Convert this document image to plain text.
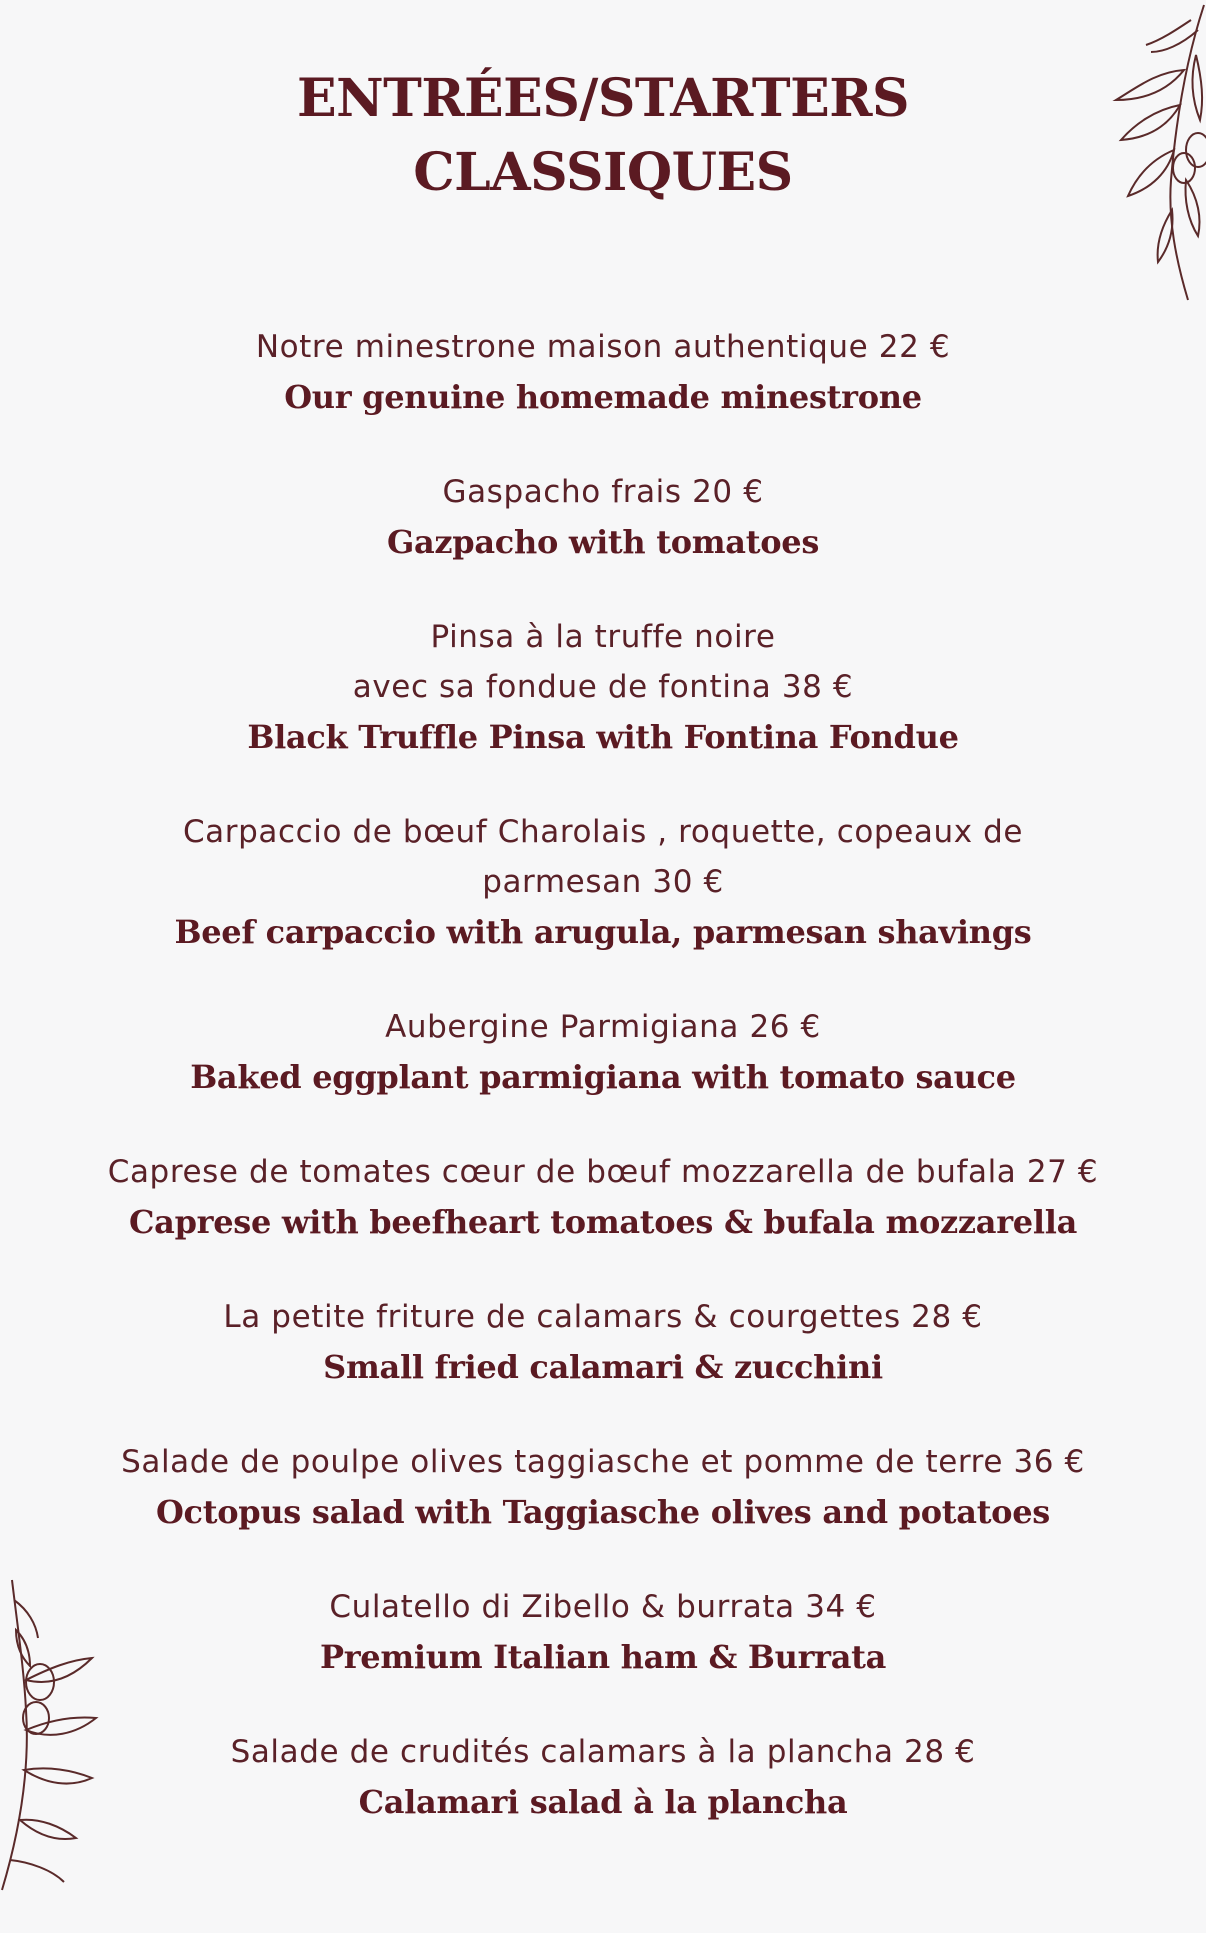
ENTRÉES/STARTERS
CLASSIQUES
Notre minestrone maison authentique 22 €
Our genuine homemade minestrone
Gaspacho frais 20 €
Gazpacho with tomatoes
Pinsa à la truffe noire
avec sa fondue de fontina 38 €
Black Truffle Pinsa with Fontina Fondue
Carpaccio de bœuf Charolais , roquette, copeaux de
parmesan 30 €
Beef carpaccio with arugula, parmesan shavings
Aubergine Parmigiana 26 €
Baked eggplant parmigiana with tomato sauce
Caprese de tomates cœur de bœuf mozzarella de bufala 27 €
Caprese with beefheart tomatoes & bufala mozzarella
La petite friture de calamars & courgettes 28 €
Small fried calamari & zucchini
Salade de poulpe olives taggiasche et pomme de terre 36 €
Octopus salad with Taggiasche olives and potatoes
Culatello di Zibello & burrata 34 €
Premium Italian ham & Burrata
Salade de crudités calamars à la plancha 28 €
Calamari salad à la plancha
